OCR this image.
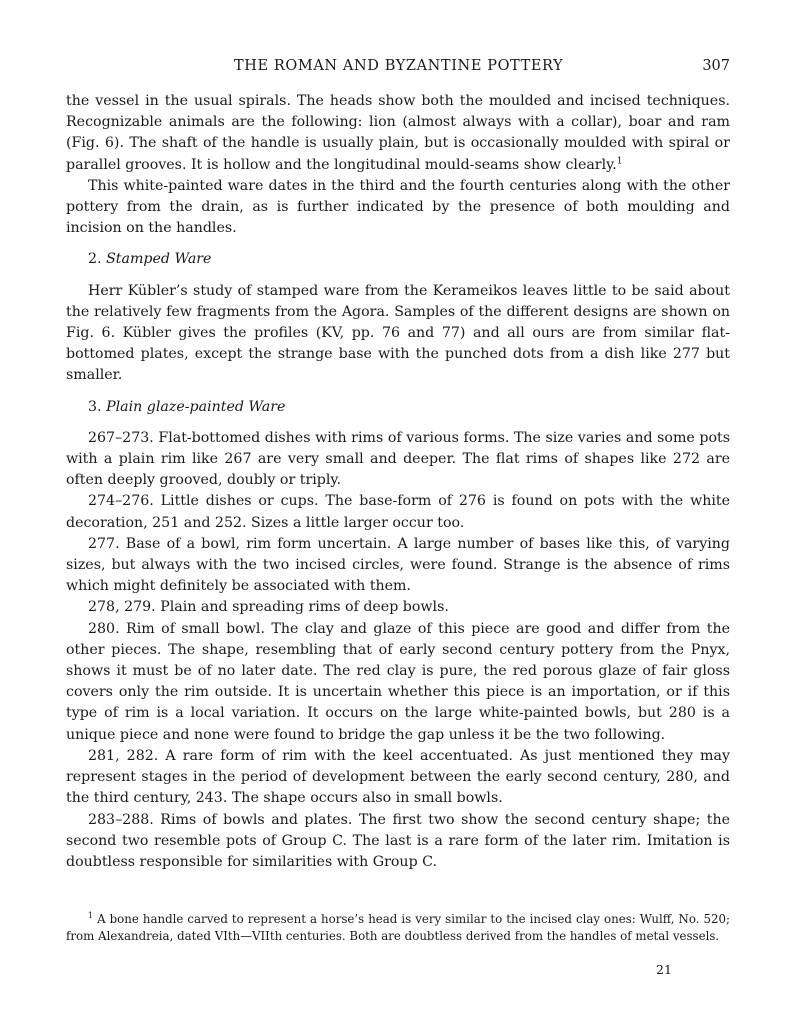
THE ROMAN AND BYZANTINE POTTERY	307

the vessel in the usual spirals. The heads show both the moulded and incised techniques. Recognizable animals are the following: lion (almost always with a collar), boar and ram (Fig. 6). The shaft of the handle is usually plain, but is occasionally moulded with spiral or parallel grooves. It is hollow and the longitudinal mould-seams show clearly.$^1$

This white-painted ware dates in the third and the fourth centuries along with the other pottery from the drain, as is further indicated by the presence of both moulding and incision on the handles.

2. Stamped Ware

Herr Kübler’s study of stamped ware from the Kerameikos leaves little to be said about the relatively few fragments from the Agora. Samples of the different designs are shown on Fig. 6. Kübler gives the profiles (KV, pp. 76 and 77) and all ours are from similar flat-bottomed plates, except the strange base with the punched dots from a dish like 277 but smaller.

3. Plain glaze-painted Ware

267–273. Flat-bottomed dishes with rims of various forms. The size varies and some pots with a plain rim like 267 are very small and deeper. The flat rims of shapes like 272 are often deeply grooved, doubly or triply.

274–276. Little dishes or cups. The base-form of 276 is found on pots with the white decoration, 251 and 252. Sizes a little larger occur too.

277. Base of a bowl, rim form uncertain. A large number of bases like this, of varying sizes, but always with the two incised circles, were found. Strange is the absence of rims which might definitely be associated with them.

278, 279. Plain and spreading rims of deep bowls.

280. Rim of small bowl. The clay and glaze of this piece are good and differ from the other pieces. The shape, resembling that of early second century pottery from the Pnyx, shows it must be of no later date. The red clay is pure, the red porous glaze of fair gloss covers only the rim outside. It is uncertain whether this piece is an importation, or if this type of rim is a local variation. It occurs on the large white-painted bowls, but 280 is a unique piece and none were found to bridge the gap unless it be the two following.

281, 282. A rare form of rim with the keel accentuated. As just mentioned they may represent stages in the period of development between the early second century, 280, and the third century, 243. The shape occurs also in small bowls.

283–288. Rims of bowls and plates. The first two show the second century shape; the second two resemble pots of Group C. The last is a rare form of the later rim. Imitation is doubtless responsible for similarities with Group C.

$^1$ A bone handle carved to represent a horse’s head is very similar to the incised clay ones: Wulff, No. 520; from Alexandreia, dated VIth—VIIth centuries. Both are doubtless derived from the handles of metal vessels.
21
